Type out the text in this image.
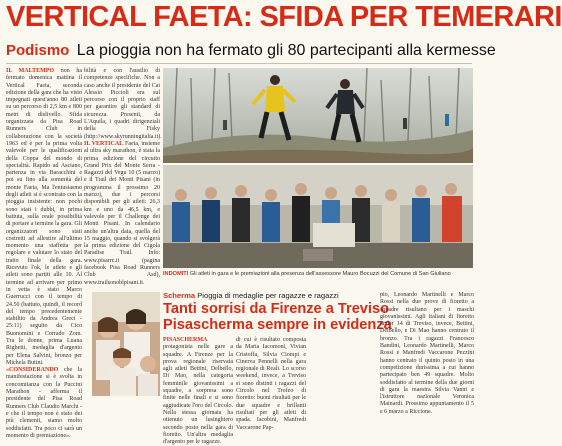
VERTICAL FAETA: SFIDA PER TEMERARI
Podismo La pioggia non ha fermato gli 80 partecipanti alla kermesse
IL MALTEMPO non ha fermato domenica mattina il Vertical Faeta, seconda edizione della gara che ha visto impegnati quest'anno 80 atleti su un percorso di 2,5 km e 800 metri di dislivello. Sfida organizzata da Pisa Road Runners Club in collaborazione con la società 1963 ed è per la prima volta valevole per le qualificazioni della Coppa del mondo di specialità. Rapido ad Asciano, partenza in via Baracchini e poi su fino alla sommità del monte Faeta, Ma l'entusiasmo degli atleti si è scontrato con la pioggia insistente: non pochi sono stati i dubbi, in prima battuta, sulla reale possibilità di portare a termine la gara. Gli organizzatori sono stati costretti ad allestire all'ultimo momento una staffetta per regolare e valutare lo stato del tratto finale della gara. Ricevuto l'ok, le atlete e gli atleti sono partiti alle 10. Al termine ad arrivare per primo in vetta è stato Marco Guerrucci con il tempo di 24.50 (battuto, quindi, il record del tempo precedentemente stabilito da Andrea Greci - 25:11) seguito da Cico Buonomini e Corrado Zom. Tra le donne, prima Luana Righetti, medaglia d'argento per Elena Salvini, bronzo per Michela Butini.
«CONSIDERANDO che la manifestazione si è svolta in concomitanza con la Puccini Marathon - afferma il presidente del Pisa Road Runners Club Claudio Marchi - e che il tempo non è stato dei più clementi, siamo molto soddisfatti. Tra poco ci sarà un momento di premiazione».
bilità e con l'ausilio di competenze specifiche. Non a caso anche il presidente del Cai Alessio Piccioli era sul percorso con il proprio staff per garantire gli standard di sicurezza. Presenti, da L'Aquila, i quadri dirigenziali della Fisky (http://www.skyrunningitalia.it).
IL VERTICAL Faeta, insieme al ultra sky marathon, è stata la prima edizione del circuito Grand Prix del Monte Serra - Ragazzi del Vegu 10 (5 marzo) e il Trail dei Monti Pisani (in programma il prossimo 20 marzo), due i percorsi disponibili per gli atleti: 26,3 km e uno da 46,5 km, e valevole per il Challenge dei Monti Pisani. In calendario anche un'altra data, quella del 15 maggio, quando si svolgerà la prima edizione del Cigola Paradise Trail. Info: www.pisarrc.it (pagina facebook Pisa Road Runners Club Asd), www.trailsonoblpisani.it.
INDOMITI Gli atleti in gara e le premiazioni alla presenza dell'assessore Mauro Bocuzzi del Comune di San Giuliano
Scherma Pioggia di medaglie per ragazze e ragazzi
Tanti sorrisi da Firenze a Treviso
Pisascherma sempre in evidenza
PISASCHERMA protagonista nelle gare a squadre. A Firenze per la prova regionale riservata agli atleti Bettini, Delbello, Di Mao, nella categoria femminile giovanissimi a squadre, a sorpresa sono finite nelle finali e si sono aggiudicate l'oro del Circolo. Nella stessa giornata ha ottenuto un lusinghiero secondo posto nella gara di fioretto. Un'altra medaglia d'argento per le ragazze.
di cui è risultato composta da Maria Iacomoni, Vivian Cristoffa, Silvia Ciompi e Cinerva Pennelli nella gara regionale di Reali. Lo scorso weekend, invece, a Treviso si sono distinti i ragazzi del Circolo nel Trofeo di fioretto: buoni risultati per le due squadre e brillanti risultati per gli atleti di spada. Iacobini, Manfredi Vaccarone Pap-
pio, Leonardo Martinelli e Marco Rossi nella due prove di fioretto a squadre risultano per i maschi giovanissimi. Agli italiani di fioretto under 14 di Treviso, invece, Bettini, Delbello, e Di Mao hanno centrato il bronzo. Tra i ragazzi Francesco Bandini, Leonardo Martinelli, Marco Rossi e Manfredi Vaccarone Pezzini hanno centrato il quinto posto in una competizione durissima a cui hanno partecipato ben 49 squadre. Molto soddisfatto al termine della due giorni di gara la maestra Silvia Vanni e l'istruttore nazionale Veronica Mainardi. Prossimo appuntamento il 5 e 6 marzo a Riccione.
